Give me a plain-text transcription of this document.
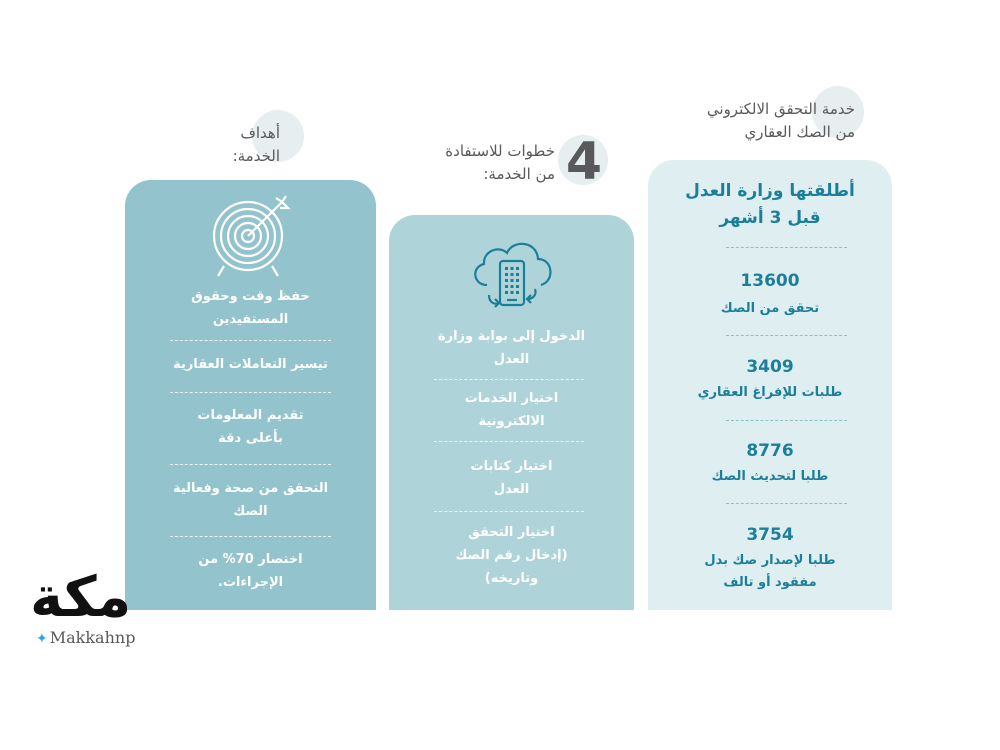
أهداف
الخدمة:	4
خطوات للاستفادة
من الخدمة:
خدمة التحقق الالكتروني
من الصك العقاري
حفظ وقت وحقوق
المستفيدين
تيسير التعاملات العقارية
تقديم المعلومات
بأعلى دقة
التحقق من صحة وفعالية
الصك
اختصار 70% من
الإجراءات.
الدخول إلى بوابة وزارة
العدل
اختيار الخدمات
الالكترونية
اختيار كتابات
العدل
اختيار التحقق
(إدخال رقم الصك
وتاريخه)
أطلقتها وزارة العدل
قبل 3 أشهر
13600
تحقق من الصك
3409
طلبات للإفراغ العقاري
8776
طلبا لتحديث الصك
3754
طلبا لإصدار صك بدل
مفقود أو تالف
مكة
✦ Makkahnp
